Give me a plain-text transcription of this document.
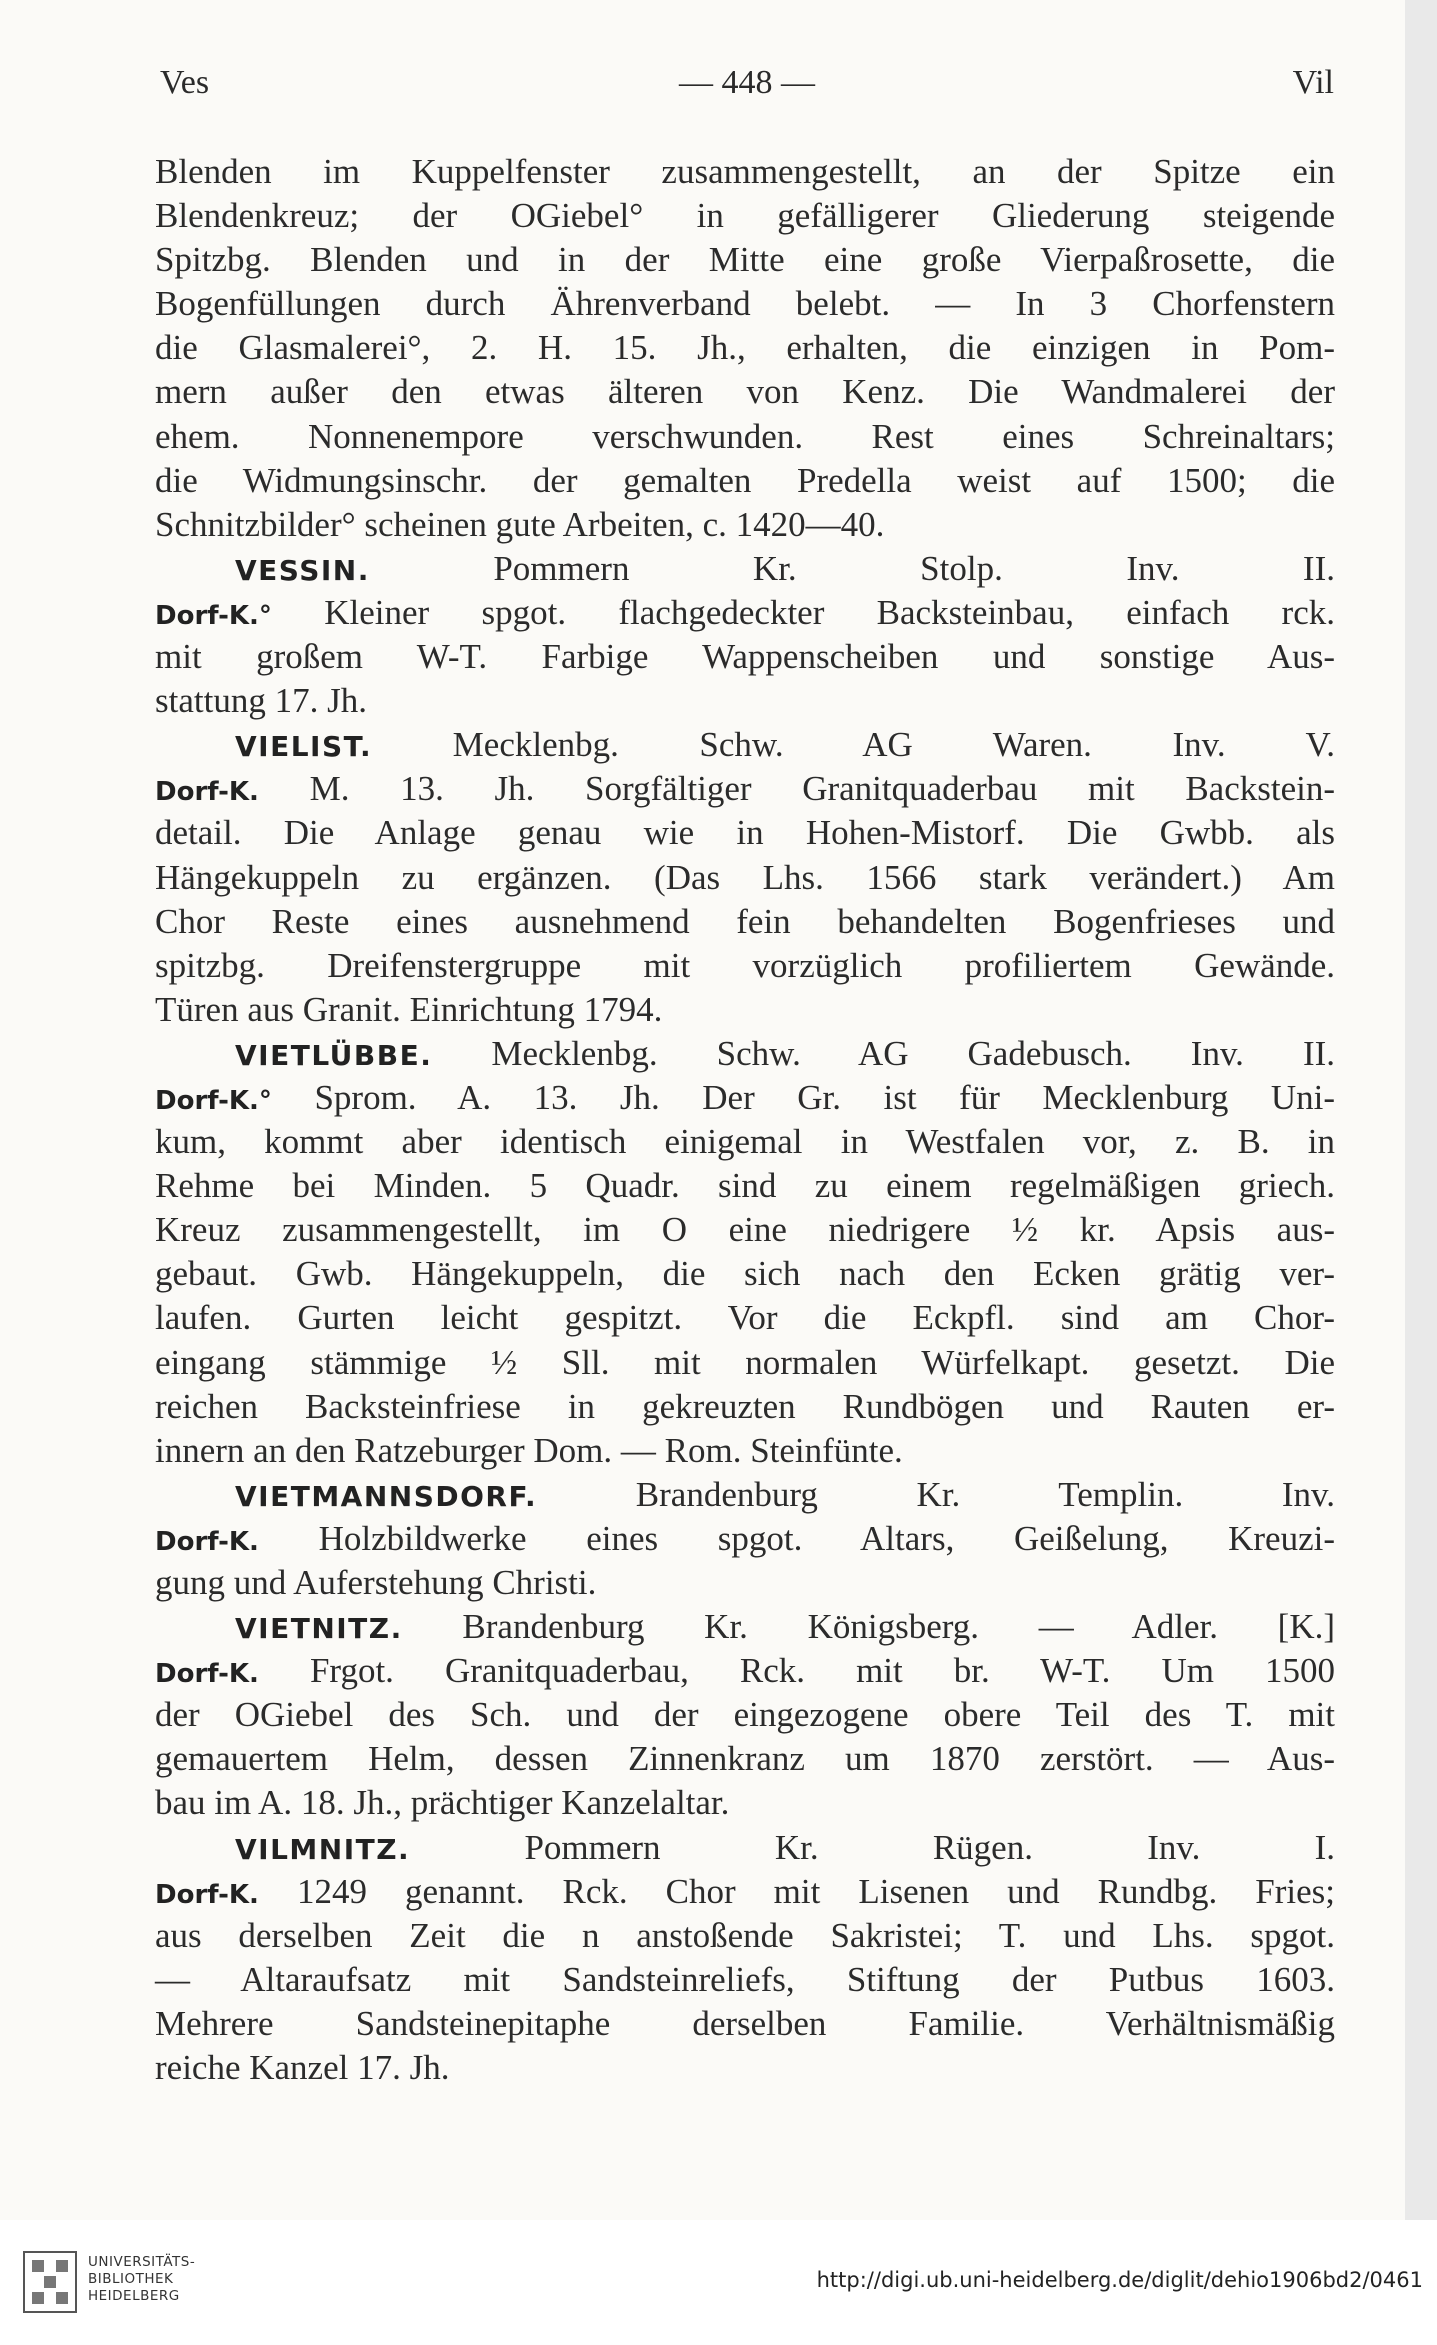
Ves	— 448 —	Vil
Blenden im Kuppelfenster zusammengestellt, an der Spitze ein
Blendenkreuz; der OGiebel° in gefälligerer Gliederung steigende
Spitzbg. Blenden und in der Mitte eine große Vierpaßrosette, die
Bogenfüllungen durch Ährenverband belebt. — In 3 Chorfenstern
die Glasmalerei°, 2. H. 15. Jh., erhalten, die einzigen in Pom-
mern außer den etwas älteren von Kenz. Die Wandmalerei der
ehem. Nonnenempore verschwunden. Rest eines Schreinaltars;
die Widmungsinschr. der gemalten Predella weist auf 1500; die
Schnitzbilder° scheinen gute Arbeiten, c. 1420—40.
VESSIN.	Pommern Kr. Stolp. Inv. II.
Dorf-K.° Kleiner spgot. flachgedeckter Backsteinbau, einfach rck.
mit großem W-T. Farbige Wappenscheiben und sonstige Aus-
stattung 17. Jh.
VIELIST. Mecklenbg. Schw. AG Waren. Inv. V.
Dorf-K. M. 13. Jh. Sorgfältiger Granitquaderbau mit Backstein-
detail. Die Anlage genau wie in Hohen-Mistorf. Die Gwbb. als
Hängekuppeln zu ergänzen. (Das Lhs. 1566 stark verändert.) Am
Chor Reste eines ausnehmend fein behandelten Bogenfrieses und
spitzbg. Dreifenstergruppe mit vorzüglich profiliertem Gewände.
Türen aus Granit. Einrichtung 1794.
VIETLÜBBE. Mecklenbg. Schw. AG Gadebusch. Inv. II.
Dorf-K.° Sprom. A. 13. Jh. Der Gr. ist für Mecklenburg Uni-
kum, kommt aber identisch einigemal in Westfalen vor, z. B. in
Rehme bei Minden. 5 Quadr. sind zu einem regelmäßigen griech.
Kreuz zusammengestellt, im O eine niedrigere ½ kr. Apsis aus-
gebaut. Gwb. Hängekuppeln, die sich nach den Ecken grätig ver-
laufen. Gurten leicht gespitzt. Vor die Eckpfl. sind am Chor-
eingang stämmige ½ Sll. mit normalen Würfelkapt. gesetzt. Die
reichen Backsteinfriese in gekreuzten Rundbögen und Rauten er-
innern an den Ratzeburger Dom. — Rom. Steinfünte.
VIETMANNSDORF.	Brandenburg Kr. Templin. Inv.
Dorf-K. Holzbildwerke eines spgot. Altars, Geißelung, Kreuzi-
gung und Auferstehung Christi.
VIETNITZ. Brandenburg Kr. Königsberg. — Adler. [K.]
Dorf-K. Frgot. Granitquaderbau, Rck. mit br. W-T. Um 1500
der OGiebel des Sch. und der eingezogene obere Teil des T. mit
gemauertem Helm, dessen Zinnenkranz um 1870 zerstört. — Aus-
bau im A. 18. Jh., prächtiger Kanzelaltar.
VILMNITZ.	Pommern Kr. Rügen. Inv. I.
Dorf-K. 1249 genannt. Rck. Chor mit Lisenen und Rundbg. Fries;
aus derselben Zeit die n anstoßende Sakristei; T. und Lhs. spgot.
— Altaraufsatz mit Sandsteinreliefs, Stiftung der Putbus 1603.
Mehrere Sandsteinepitaphe derselben Familie. Verhältnismäßig
reiche Kanzel 17. Jh.
UNIVERSITÄTS-
BIBLIOTHEK
HEIDELBERG
http://digi.ub.uni-heidelberg.de/diglit/dehio1906bd2/0461
